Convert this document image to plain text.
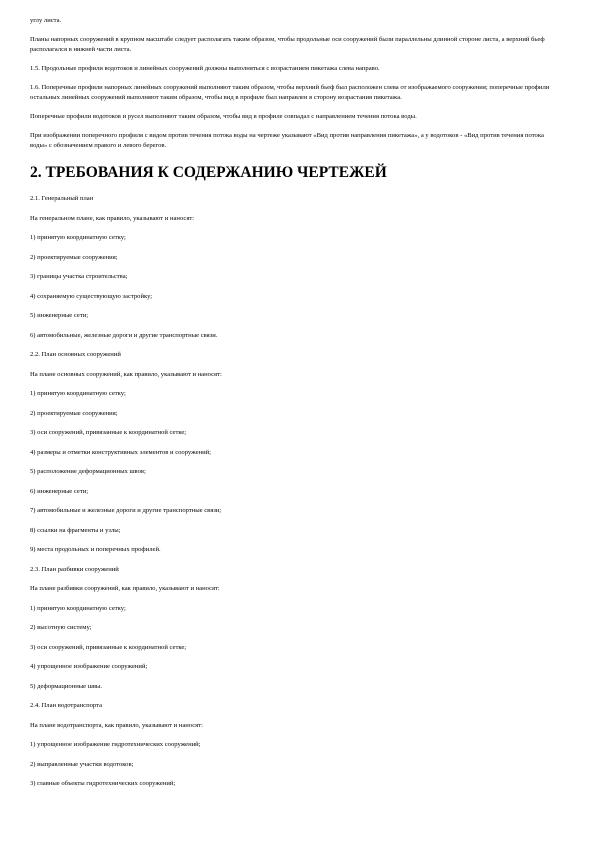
углу листа.

Планы напорных сооружений в крупном масштабе следует располагать таким образом, чтобы продольные оси сооружений были параллельны длинной стороне листа, а верхний бьеф располагался в нижней части листа.

1.5. Продольные профили водотоков и линейных сооружений должны выполняться с возрастанием пикетажа слева направо.

1.6. Поперечные профили напорных линейных сооружений выполняют таким образом, чтобы верхний бьеф был расположен слева от изображаемого сооружения; поперечные профили остальных линейных сооружений выполняют таким образом, чтобы вид в профиле был направлен в сторону возрастания пикетажа.

Поперечные профили водотоков и русел выполняют таким образом, чтобы вид в профиле совпадал с направлением течения потока воды.

При изображении поперечного профиля с видом против течения потока воды на чертеже указывают «Вид против направления пикетажа», а у водотоков - «Вид против течения потока воды» с обозначением правого и левого берегов.

2. ТРЕБОВАНИЯ К СОДЕРЖАНИЮ ЧЕРТЕЖЕЙ

2.1. Генеральный план

На генеральном плане, как правило, указывают и наносят:

1) принятую координатную сетку;

2) проектируемые сооружения;

3) границы участка строительства;

4) сохраняемую существующую застройку;

5) инженерные сети;

6) автомобильные, железные дороги и другие транспортные связи.

2.2. План основных сооружений

На плане основных сооружений, как правило, указывают и наносят:

1) принятую координатную сетку;

2) проектируемые сооружения;

3) оси сооружений, привязанные к координатной сетке;

4) размеры и отметки конструктивных элементов и сооружений;

5) расположение деформационных швов;

6) инженерные сети;

7) автомобильные и железные дороги и другие транспортные связи;

8) ссылки на фрагменты и узлы;

9) места продольных и поперечных профилей.

2.3. План разбивки сооружений

На плане разбивки сооружений, как правило, указывают и наносят:

1) принятую координатную сетку;

2) высотную систему;

3) оси сооружений, привязанные к координатной сетке;

4) упрощенное изображение сооружений;

5) деформационные швы.

2.4. План водотранспорта

На плане водотранспорта, как правило, указывают и наносят:

1) упрощенное изображение гидротехнических сооружений;

2) выправленные участки водотоков;

3) главные объекты гидротехнических сооружений;
